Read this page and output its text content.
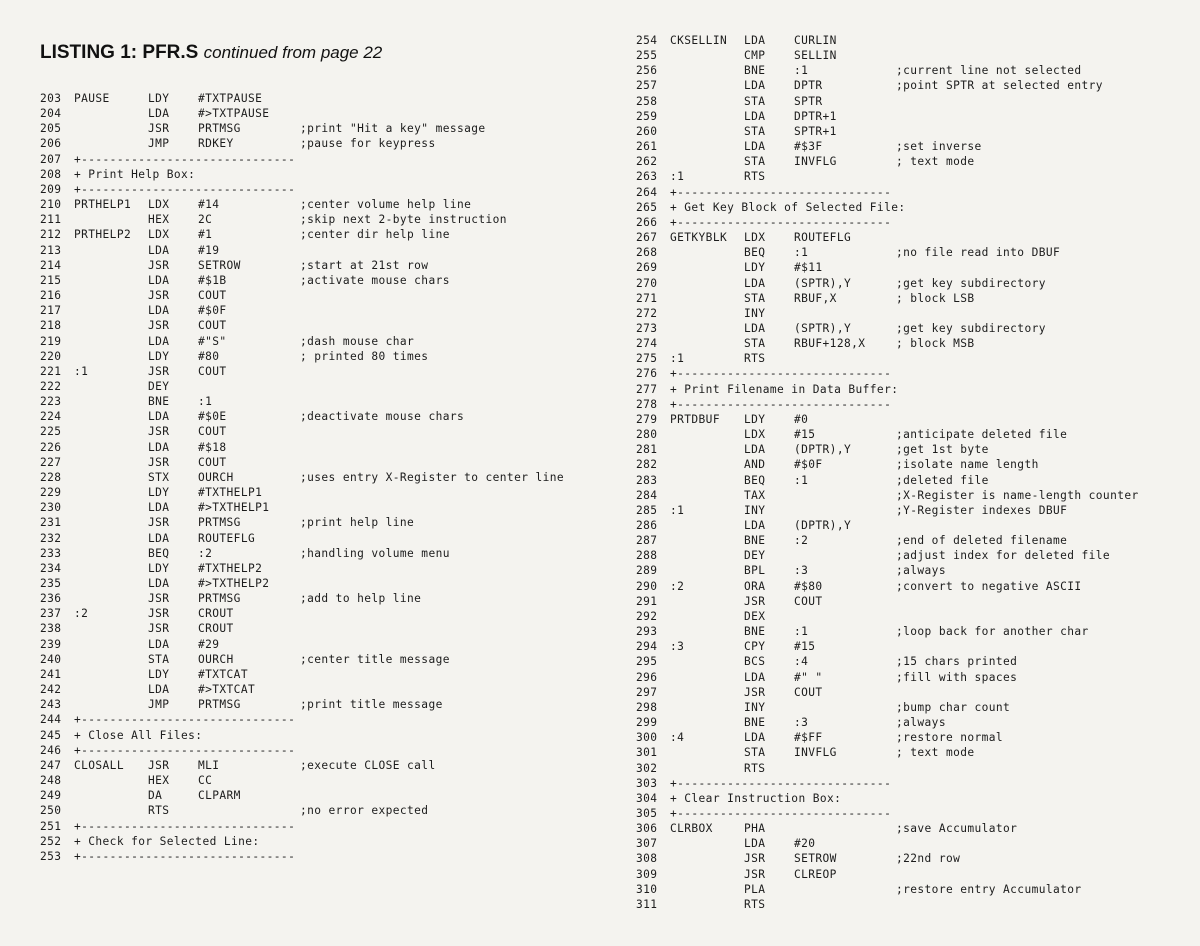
LISTING 1: PFR.S continued from page 22
203 PAUSE	LDY	#TXTPAUSE
204	LDA	#>TXTPAUSE
205	JSR	PRTMSG	;print "Hit a key" message
206	JMP	RDKEY	;pause for keypress
207 +------------------------------
208 + Print Help Box:
209 +------------------------------
210 PRTHELP1 LDX	#14	;center volume help line
211	HEX	2C	;skip next 2-byte instruction
212 PRTHELP2 LDX	#1	;center dir help line
213	LDA	#19
214	JSR	SETROW	;start at 21st row
215	LDA	#$1B	;activate mouse chars
216	JSR	COUT
217	LDA	#$0F
218	JSR	COUT
219	LDA	#"S"	;dash mouse char
220	LDY	#80	; printed 80 times
221 :1	JSR	COUT
222	DEY
223	BNE	:1
224	LDA	#$0E	;deactivate mouse chars
225	JSR	COUT
226	LDA	#$18
227	JSR	COUT
228	STX	OURCH	;uses entry X-Register to center line
229	LDY	#TXTHELP1
230	LDA	#>TXTHELP1
231	JSR	PRTMSG	;print help line
232	LDA	ROUTEFLG
233	BEQ	:2	;handling volume menu
234	LDY	#TXTHELP2
235	LDA	#>TXTHELP2
236	JSR	PRTMSG	;add to help line
237 :2	JSR	CROUT
238	JSR	CROUT
239	LDA	#29
240	STA	OURCH	;center title message
241	LDY	#TXTCAT
242	LDA	#>TXTCAT
243	JMP	PRTMSG	;print title message
244 +------------------------------
245 + Close All Files:
246 +------------------------------
247 CLOSALL JSR	MLI	;execute CLOSE call
248	HEX	CC
249	DA	CLPARM
250	RTS	;no error expected
251 +------------------------------
252 + Check for Selected Line:
253 +------------------------------
254 CKSELLIN LDA	CURLIN
255	CMP	SELLIN
256	BNE	:1	;current line not selected
257	LDA	DPTR	;point SPTR at selected entry
258	STA	SPTR
259	LDA	DPTR+1
260	STA	SPTR+1
261	LDA	#$3F	;set inverse
262	STA	INVFLG	; text mode
263 :1	RTS
264 +------------------------------
265 + Get Key Block of Selected File:
266 +------------------------------
267 GETKYBLK LDX	ROUTEFLG
268	BEQ	:1	;no file read into DBUF
269	LDY	#$11
270	LDA	(SPTR),Y	;get key subdirectory
271	STA	RBUF,X	; block LSB
272	INY
273	LDA	(SPTR),Y	;get key subdirectory
274	STA	RBUF+128,X	; block MSB
275 :1	RTS
276 +------------------------------
277 + Print Filename in Data Buffer:
278 +------------------------------
279 PRTDBUF LDY	#0
280	LDX	#15	;anticipate deleted file
281	LDA	(DPTR),Y	;get 1st byte
282	AND	#$0F	;isolate name length
283	BEQ	:1	;deleted file
284	TAX	;X-Register is name-length counter
285 :1	INY	;Y-Register indexes DBUF
286	LDA	(DPTR),Y
287	BNE	:2	;end of deleted filename
288	DEY	;adjust index for deleted file
289	BPL	:3	;always
290 :2	ORA	#$80	;convert to negative ASCII
291	JSR	COUT
292	DEX
293	BNE	:1	;loop back for another char
294 :3	CPY	#15
295	BCS	:4	;15 chars printed
296	LDA	#" "	;fill with spaces
297	JSR	COUT
298	INY	;bump char count
299	BNE	:3	;always
300 :4	LDA	#$FF	;restore normal
301	STA	INVFLG	; text mode
302	RTS
303 +------------------------------
304 + Clear Instruction Box:
305 +------------------------------
306 CLRBOX	PHA	;save Accumulator
307	LDA	#20
308	JSR	SETROW	;22nd row
309	JSR	CLREOP
310	PLA	;restore entry Accumulator
311	RTS
